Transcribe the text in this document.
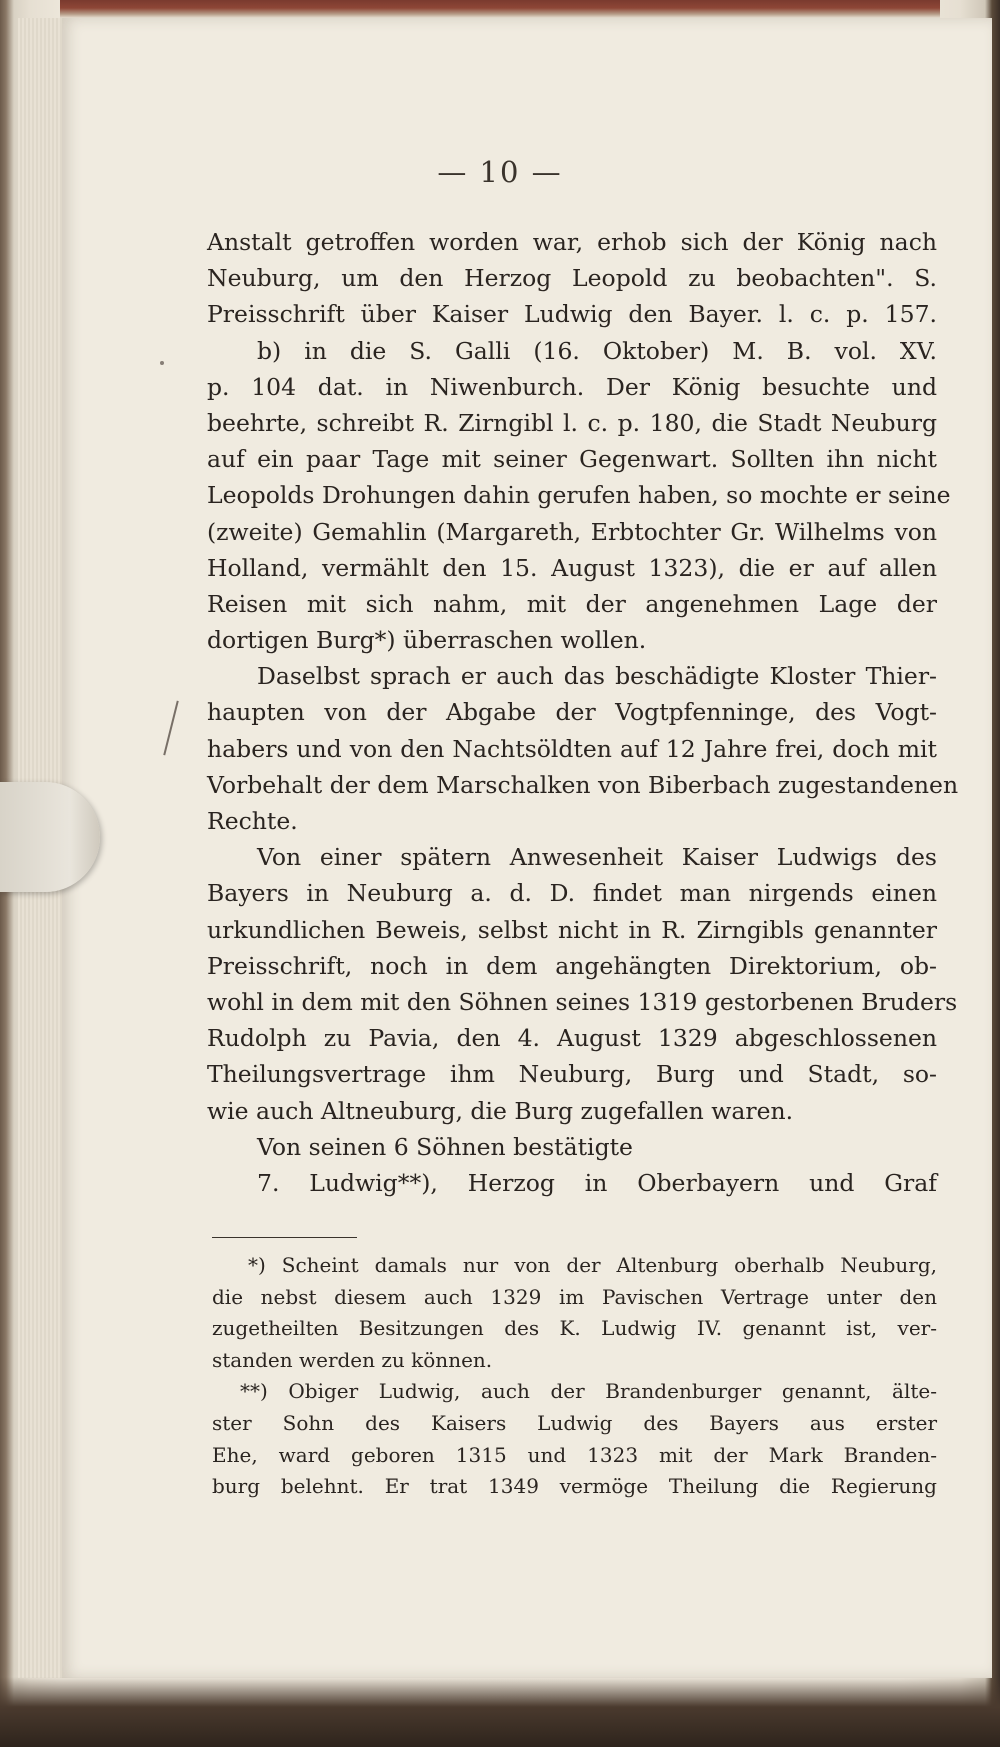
— 10 —
Anstalt getroffen worden war, erhob sich der König nach
Neuburg, um den Herzog Leopold zu beobachten". S.
Preisschrift über Kaiser Ludwig den Bayer. l. c. p. 157.
b) in die S. Galli (16. Oktober) M. B. vol. XV.
p. 104 dat. in Niwenburch. Der König besuchte und
beehrte, schreibt R. Zirngibl l. c. p. 180, die Stadt Neuburg
auf ein paar Tage mit seiner Gegenwart. Sollten ihn nicht
Leopolds Drohungen dahin gerufen haben, so mochte er seine
(zweite) Gemahlin (Margareth, Erbtochter Gr. Wilhelms von
Holland, vermählt den 15. August 1323), die er auf allen
Reisen mit sich nahm, mit der angenehmen Lage der
dortigen Burg*) überraschen wollen.
Daselbst sprach er auch das beschädigte Kloster Thier-
haupten von der Abgabe der Vogtpfenninge, des Vogt-
habers und von den Nachtsöldten auf 12 Jahre frei, doch mit
Vorbehalt der dem Marschalken von Biberbach zugestandenen
Rechte.
Von einer spätern Anwesenheit Kaiser Ludwigs des
Bayers in Neuburg a. d. D. findet man nirgends einen
urkundlichen Beweis, selbst nicht in R. Zirngibls genannter
Preisschrift, noch in dem angehängten Direktorium, ob-
wohl in dem mit den Söhnen seines 1319 gestorbenen Bruders
Rudolph zu Pavia, den 4. August 1329 abgeschlossenen
Theilungsvertrage ihm Neuburg, Burg und Stadt, so-
wie auch Altneuburg, die Burg zugefallen waren.
Von seinen 6 Söhnen bestätigte
7. Ludwig**), Herzog in Oberbayern und Graf
*) Scheint damals nur von der Altenburg oberhalb Neuburg,
die nebst diesem auch 1329 im Pavischen Vertrage unter den
zugetheilten Besitzungen des K. Ludwig IV. genannt ist, ver-
standen werden zu können.
**) Obiger Ludwig, auch der Brandenburger genannt, älte-
ster Sohn des Kaisers Ludwig des Bayers aus erster
Ehe, ward geboren 1315 und 1323 mit der Mark Branden-
burg belehnt. Er trat 1349 vermöge Theilung die Regierung
